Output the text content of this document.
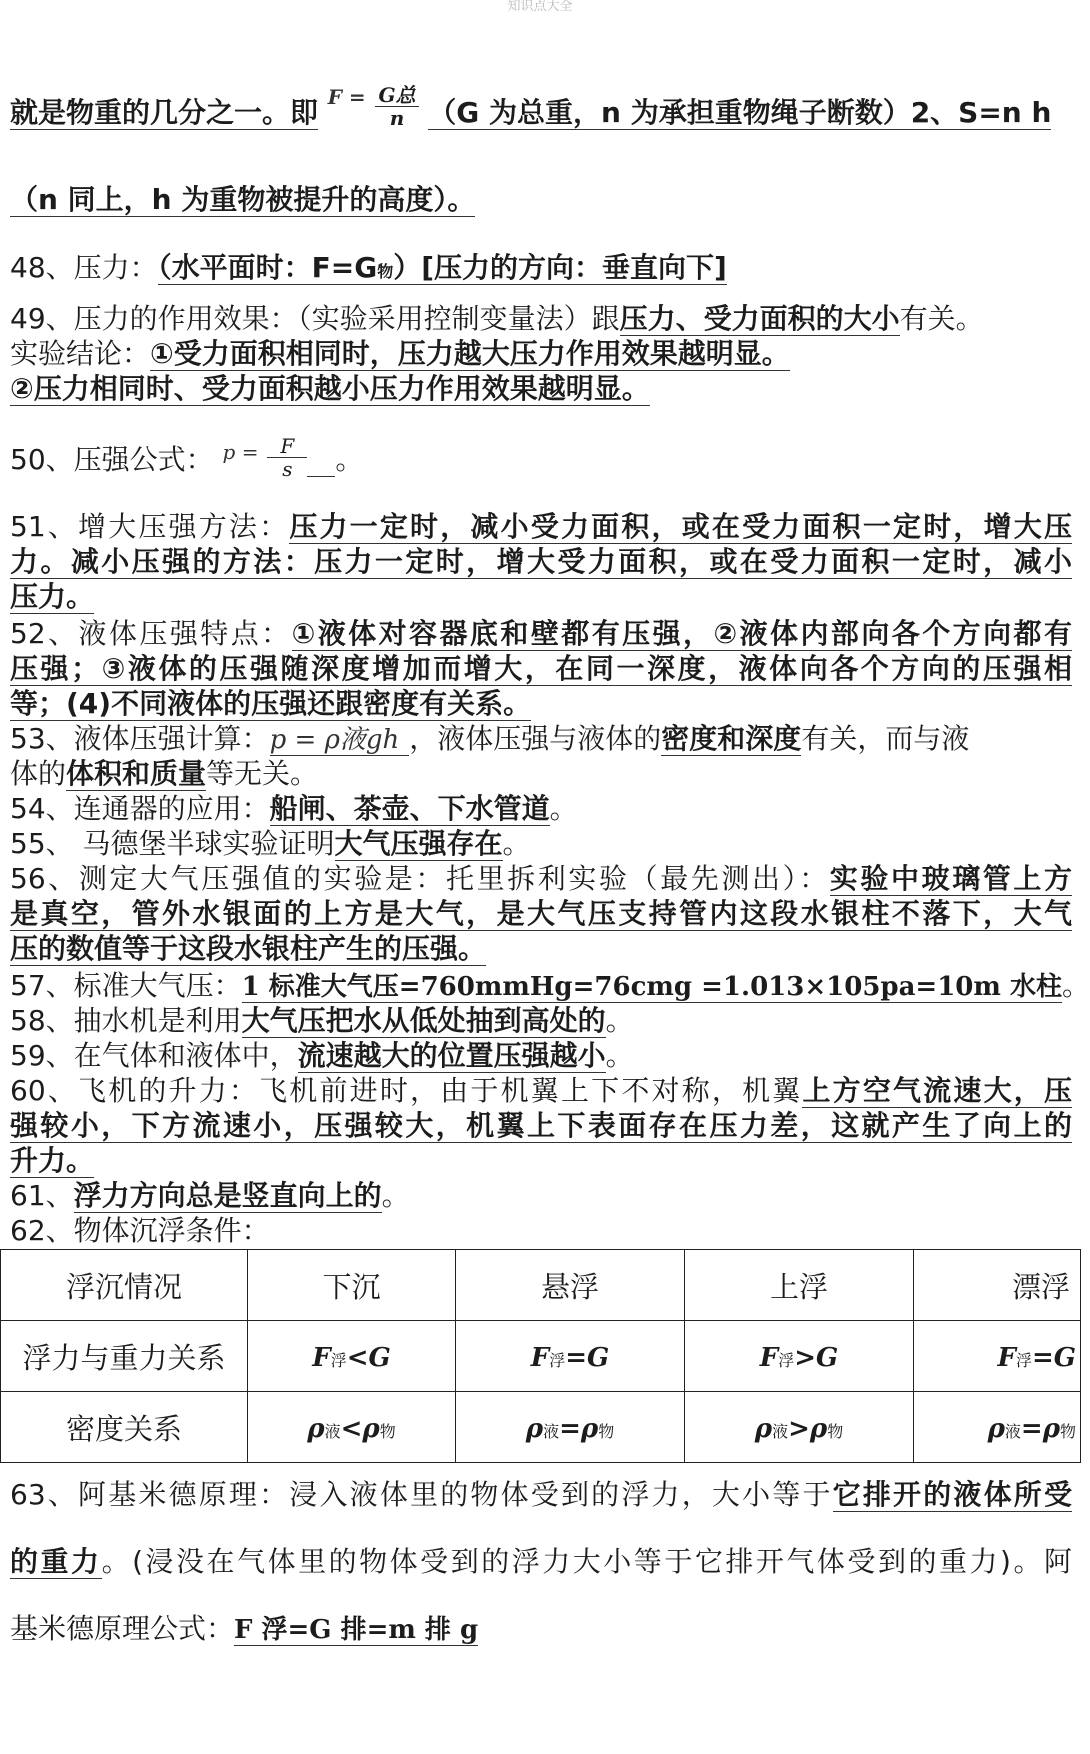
知识点大全
就是物重的几分之一。即 $^{F =} \frac{\text{G总}}{n} (G$ 为总重，n 为承担重物绳子断数）2、S=n h
（n 同上，h 为重物被提升的高度）。
48、压力：（水平面时：F=G物）[压力的方向：垂直向下]
49、压力的作用效果：（实验采用控制变量法）跟压力、受力面积的大小有关。
实验结论：①受力面积相同时，压力越大压力作用效果越明显。
②压力相同时、受力面积越小压力作用效果越明显。
50、压强公式： $^{p =} \frac{F}{s}$ 。
51、增大压强方法：压力一定时，减小受力面积，或在受力面积一定时，增大压
力。减小压强的方法：压力一定时，增大受力面积，或在受力面积一定时，减小
压力。
52、液体压强特点：①液体对容器底和壁都有压强，②液体内部向各个方向都有
压强；③液体的压强随深度增加而增大，在同一深度，液体向各个方向的压强相
等；(4)不同液体的压强还跟密度有关系。
53、液体压强计算：p = ρ液gh ，液体压强与液体的密度和深度有关，而与液
体的体积和质量等无关。
54、连通器的应用：船闸、茶壶、下水管道。
55、 马德堡半球实验证明大气压强存在。
56、测定大气压强值的实验是：托里拆利实验（最先测出）：实验中玻璃管上方
是真空，管外水银面的上方是大气，是大气压支持管内这段水银柱不落下，大气
压的数值等于这段水银柱产生的压强。
57、标准大气压：1 标准大气压=760mmHg=76cmg =1.013×105pa=10m 水柱。
58、抽水机是利用大气压把水从低处抽到高处的。
59、在气体和液体中，流速越大的位置压强越小。
60、飞机的升力：飞机前进时，由于机翼上下不对称，机翼上方空气流速大，压
强较小，下方流速小，压强较大，机翼上下表面存在压力差，这就产生了向上的
升力。
61、浮力方向总是竖直向上的。
62、物体沉浮条件：
浮沉情况	下沉	悬浮	上浮	漂浮
浮力与重力关系	F浮<G	F浮=G	F浮>G	F浮=G
密度关系	ρ液<ρ物	ρ液=ρ物	ρ液>ρ物	ρ液=ρ物
63、阿基米德原理：浸入液体里的物体受到的浮力，大小等于它排开的液体所受
的重力。(浸没在气体里的物体受到的浮力大小等于它排开气体受到的重力)。阿
基米德原理公式：F 浮=G 排=m 排 g
